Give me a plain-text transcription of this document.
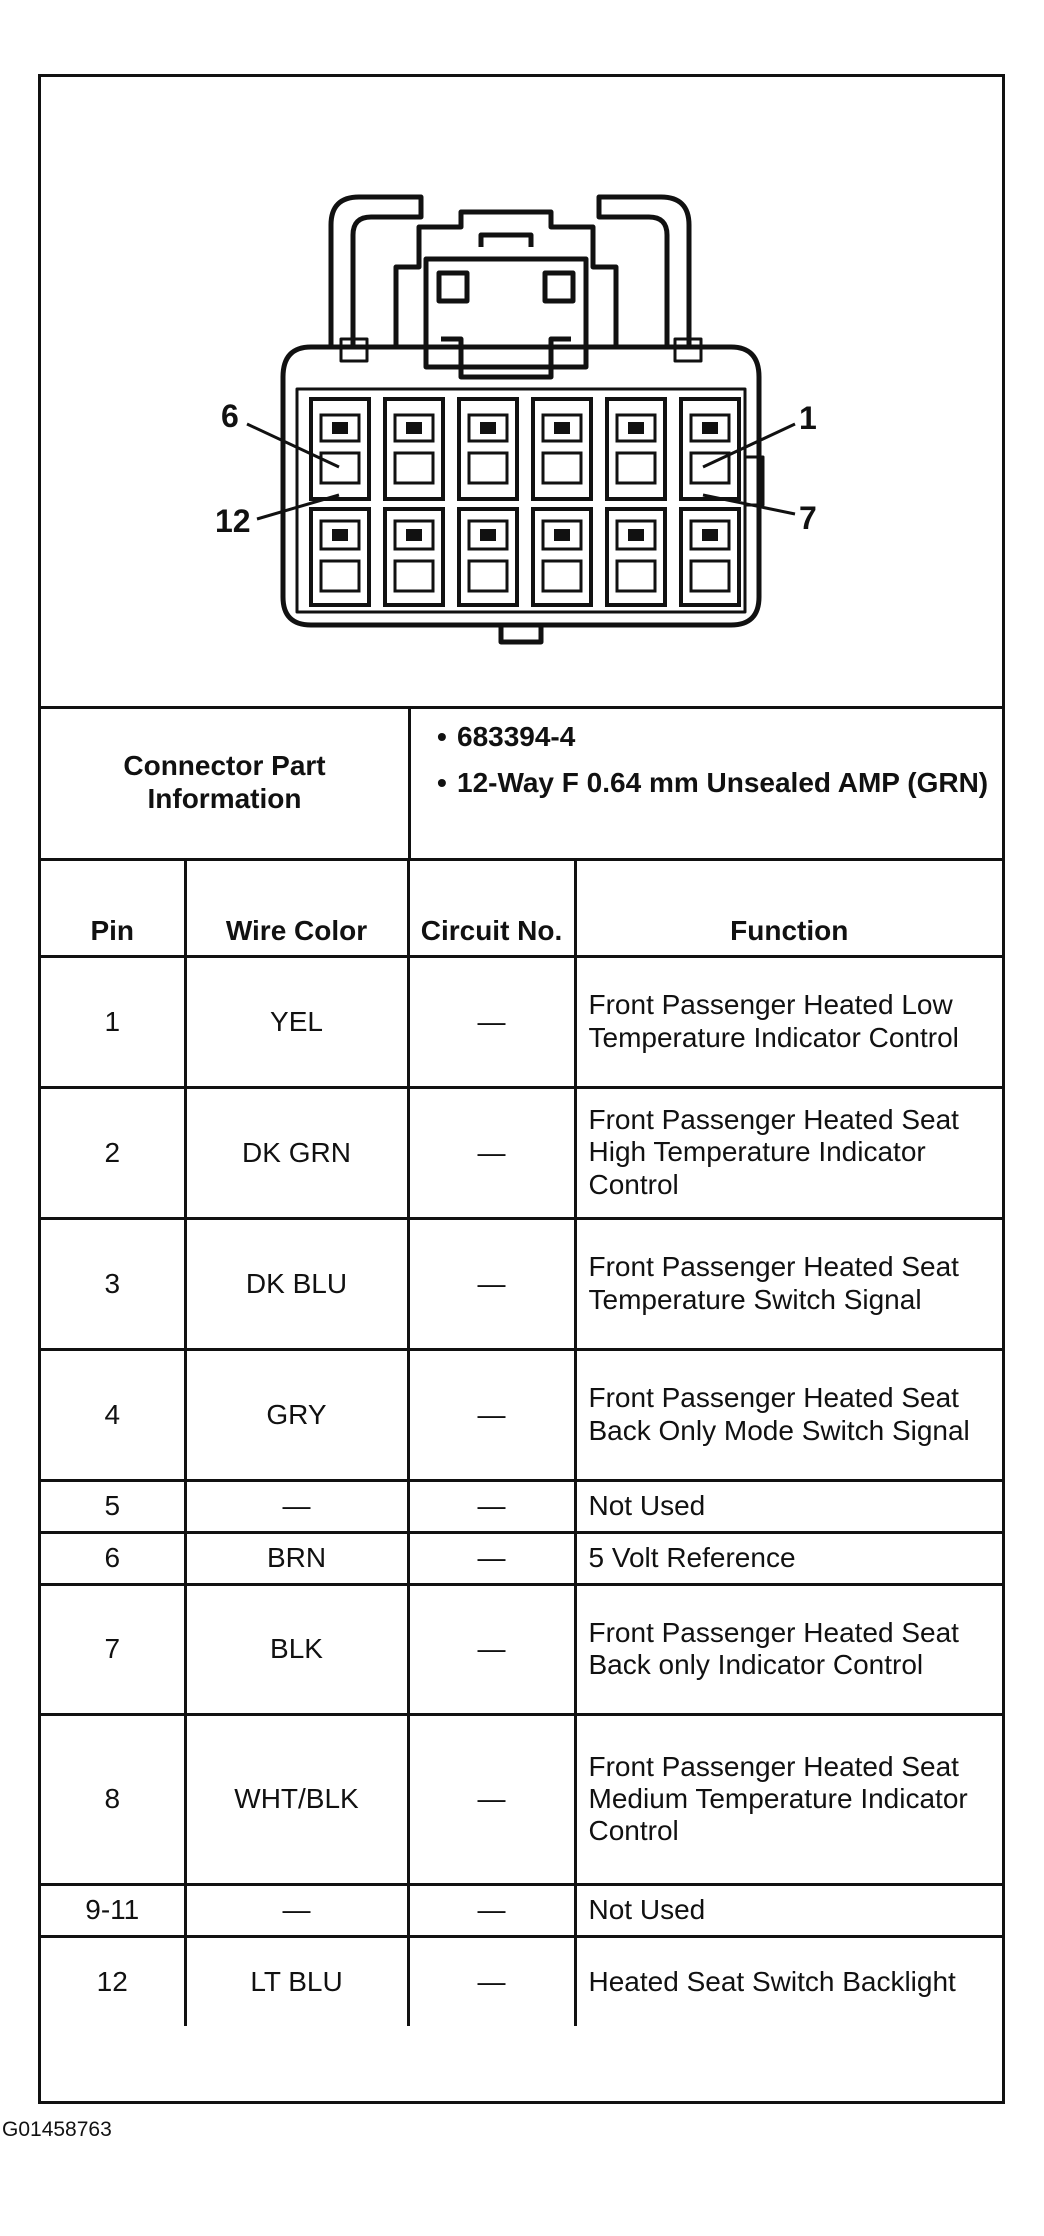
6	1
12	7
Connector Part Information
• 683394-4
• 12-Way F 0.64 mm Unsealed AMP (GRN)
Pin	Wire Color	Circuit No.	Function
1	YEL	—	Front Passenger Heated Low Temperature Indicator Control
2	DK GRN	—	Front Passenger Heated Seat High Temperature Indicator Control
3	DK BLU	—	Front Passenger Heated Seat Temperature Switch Signal
4	GRY	—	Front Passenger Heated Seat Back Only Mode Switch Signal
5	—	—	Not Used
6	BRN	—	5 Volt Reference
7	BLK	—	Front Passenger Heated Seat Back only Indicator Control
8	WHT/BLK	—	Front Passenger Heated Seat Medium Temperature Indicator Control
9-11	—	—	Not Used
12	LT BLU	—	Heated Seat Switch Backlight
G01458763
